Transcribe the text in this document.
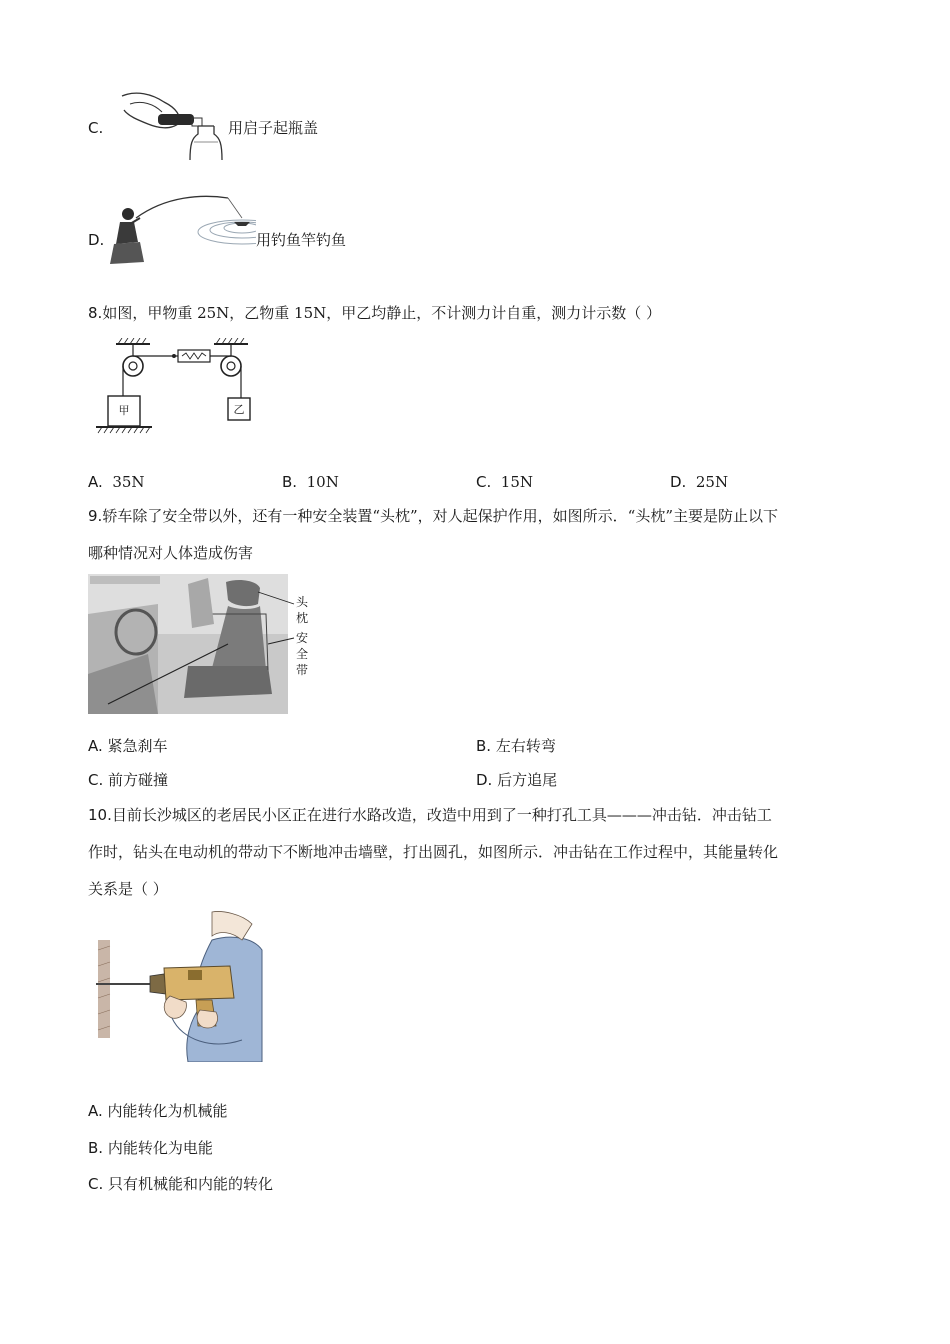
C.	用启子起瓶盖
D.	用钓鱼竿钓鱼
8.如图，甲物重 25N，乙物重 15N，甲乙均静止，不计测力计自重，测力计示数（ ）
甲	乙
A. 35N	B. 10N	C. 15N	D. 25N
9.轿车除了安全带以外，还有一种安全装置“头枕”，对人起保护作用，如图所示．“头枕”主要是防止以下
哪种情况对人体造成伤害
头枕
安全带
A. 紧急刹车	B. 左右转弯
C. 前方碰撞	D. 后方追尾
10.目前长沙城区的老居民小区正在进行水路改造，改造中用到了一种打孔工具———冲击钻．冲击钻工
作时，钻头在电动机的带动下不断地冲击墙壁，打出圆孔，如图所示．冲击钻在工作过程中，其能量转化
关系是（ ）
A. 内能转化为机械能
B. 内能转化为电能
C. 只有机械能和内能的转化
